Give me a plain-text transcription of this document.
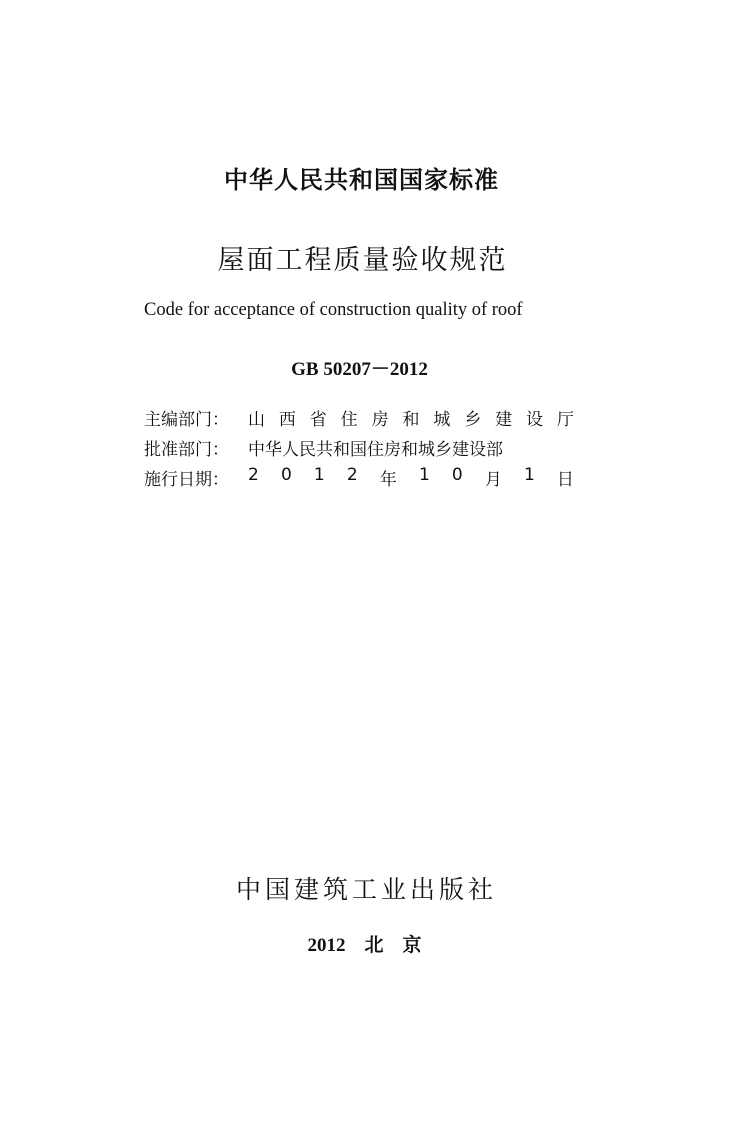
中华人民共和国国家标准
屋面工程质量验收规范
Code for acceptance of construction quality of roof
GB 50207－2012
主编部门：	山 西 省 住 房 和 城 乡 建 设 厅
批准部门：	中华人民共和国住房和城乡建设部
施行日期：	2 0 1 2 年 1 0 月 1 日
中国建筑工业出版社
2012　北　京
